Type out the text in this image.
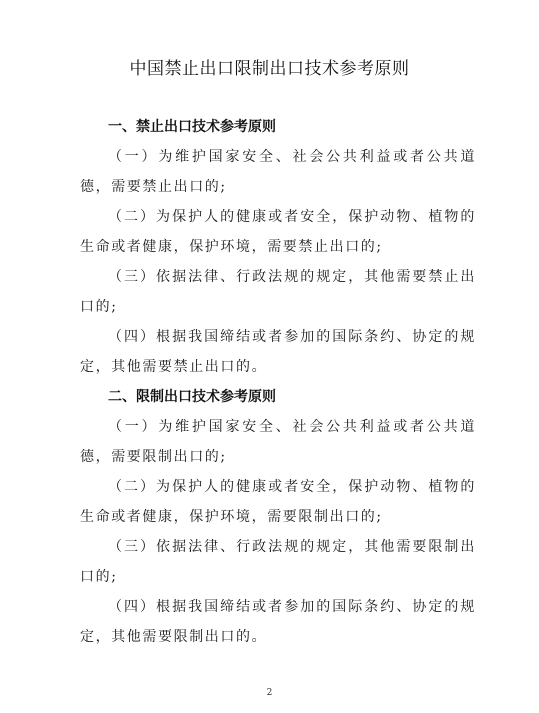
中国禁止出口限制出口技术参考原则
一、禁止出口技术参考原则
（一）为维护国家安全、社会公共利益或者公共道德，需要禁止出口的;
（二）为保护人的健康或者安全，保护动物、植物的生命或者健康，保护环境，需要禁止出口的;
（三）依据法律、行政法规的规定，其他需要禁止出口的;
（四）根据我国缔结或者参加的国际条约、协定的规定，其他需要禁止出口的。
二、限制出口技术参考原则
（一）为维护国家安全、社会公共利益或者公共道德，需要限制出口的;
（二）为保护人的健康或者安全，保护动物、植物的生命或者健康，保护环境，需要限制出口的;
（三）依据法律、行政法规的规定，其他需要限制出口的;
（四）根据我国缔结或者参加的国际条约、协定的规定，其他需要限制出口的。
2
